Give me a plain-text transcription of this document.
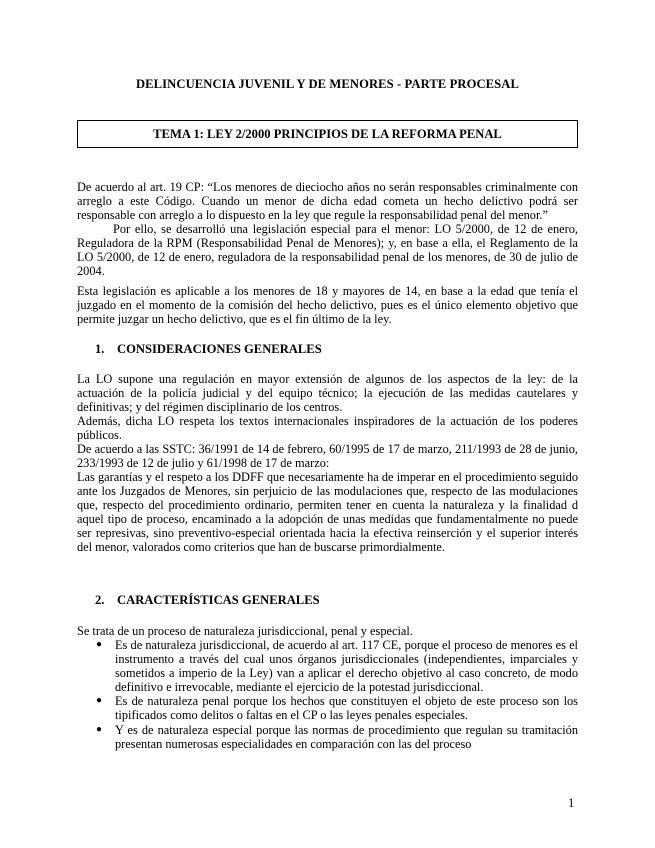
DELINCUENCIA JUVENIL Y DE MENORES - PARTE PROCESAL
TEMA 1: LEY 2/2000 PRINCIPIOS DE LA REFORMA PENAL
De acuerdo al art. 19 CP: “Los menores de dieciocho años no serán responsables criminalmente con arreglo a este Código. Cuando un menor de dicha edad cometa un hecho delictivo podrá ser responsable con arreglo a lo dispuesto en la ley que regule la responsabilidad penal del menor.”
Por ello, se desarrolló una legislación especial para el menor: LO 5/2000, de 12 de enero, Reguladora de la RPM (Responsabilidad Penal de Menores); y, en base a ella, el Reglamento de la LO 5/2000, de 12 de enero, reguladora de la responsabilidad penal de los menores, de 30 de julio de 2004.
Esta legislación es aplicable a los menores de 18 y mayores de 14, en base a la edad que tenía el juzgado en el momento de la comisión del hecho delictivo, pues es el único elemento objetivo que permite juzgar un hecho delictivo, que es el fin último de la ley.
1. CONSIDERACIONES GENERALES
La LO supone una regulación en mayor extensión de algunos de los aspectos de la ley: de la actuación de la policía judicial y del equipo técnico; la ejecución de las medidas cautelares y definitivas; y del régimen disciplinario de los centros.
Además, dicha LO respeta los textos internacionales inspiradores de la actuación de los poderes públicos.
De acuerdo a las SSTC: 36/1991 de 14 de febrero, 60/1995 de 17 de marzo, 211/1993 de 28 de junio, 233/1993 de 12 de julio y 61/1998 de 17 de marzo:
Las garantías y el respeto a los DDFF que necesariamente ha de imperar en el procedimiento seguido ante los Juzgados de Menores, sin perjuicio de las modulaciones que, respecto de las modulaciones que, respecto del procedimiento ordinario, permiten tener en cuenta la naturaleza y la finalidad d aquel tipo de proceso, encaminado a la adopción de unas medidas que fundamentalmente no puede ser represivas, sino preventivo-especial orientada hacia la efectiva reinserción y el superior interés del menor, valorados como criterios que han de buscarse primordialmente.
2. CARACTERÍSTICAS GENERALES
Se trata de un proceso de naturaleza jurisdiccional, penal y especial.
● Es de naturaleza jurisdiccional, de acuerdo al art. 117 CE, porque el proceso de menores es el instrumento a través del cual unos órganos jurisdiccionales (independientes, imparciales y sometidos a imperio de la Ley) van a aplicar el derecho objetivo al caso concreto, de modo definitivo e irrevocable, mediante el ejercicio de la potestad jurisdiccional.
● Es de naturaleza penal porque los hechos que constituyen el objeto de este proceso son los tipificados como delitos o faltas en el CP o las leyes penales especiales.
● Y es de naturaleza especial porque las normas de procedimiento que regulan su tramitación presentan numerosas especialidades en comparación con las del proceso
1
